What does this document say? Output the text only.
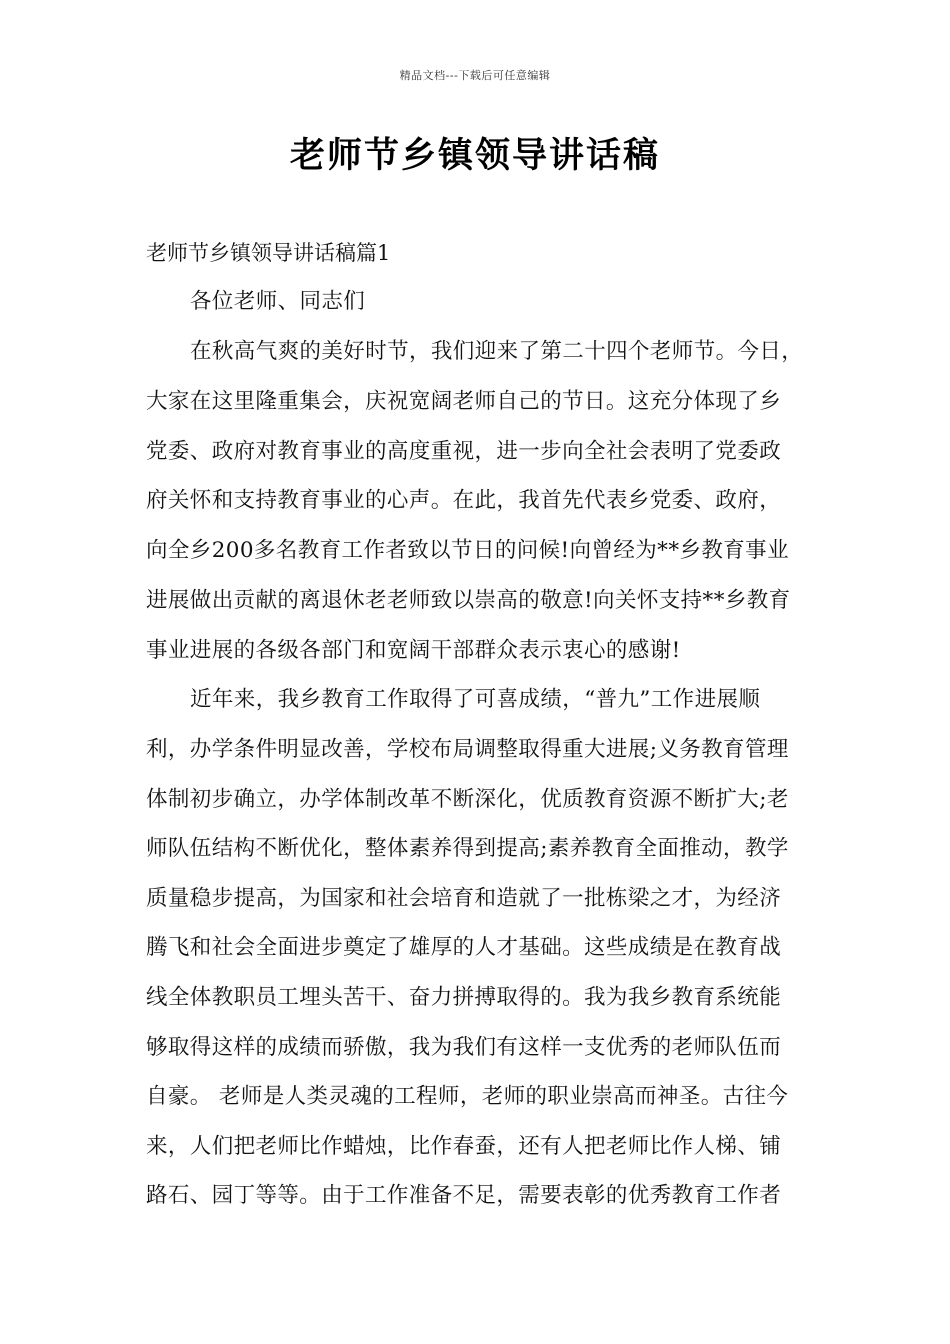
精品文档---下载后可任意编辑
老师节乡镇领导讲话稿
老师节乡镇领导讲话稿篇1
各位老师、同志们
在秋高气爽的美好时节，我们迎来了第二十四个老师节。今日，
大家在这里隆重集会，庆祝宽阔老师自己的节日。这充分体现了乡
党委、政府对教育事业的高度重视，进一步向全社会表明了党委政
府关怀和支持教育事业的心声。在此，我首先代表乡党委、政府，
向全乡200多名教育工作者致以节日的问候!向曾经为**乡教育事业
进展做出贡献的离退休老老师致以崇高的敬意!向关怀支持**乡教育
事业进展的各级各部门和宽阔干部群众表示衷心的感谢!
近年来，我乡教育工作取得了可喜成绩，“普九”工作进展顺
利，办学条件明显改善，学校布局调整取得重大进展;义务教育管理
体制初步确立，办学体制改革不断深化，优质教育资源不断扩大;老
师队伍结构不断优化，整体素养得到提高;素养教育全面推动，教学
质量稳步提高，为国家和社会培育和造就了一批栋梁之才，为经济
腾飞和社会全面进步奠定了雄厚的人才基础。这些成绩是在教育战
线全体教职员工埋头苦干、奋力拼搏取得的。我为我乡教育系统能
够取得这样的成绩而骄傲，我为我们有这样一支优秀的老师队伍而
自豪。 老师是人类灵魂的工程师，老师的职业崇高而神圣。古往今
来，人们把老师比作蜡烛，比作春蚕，还有人把老师比作人梯、铺
路石、园丁等等。由于工作准备不足，需要表彰的优秀教育工作者
